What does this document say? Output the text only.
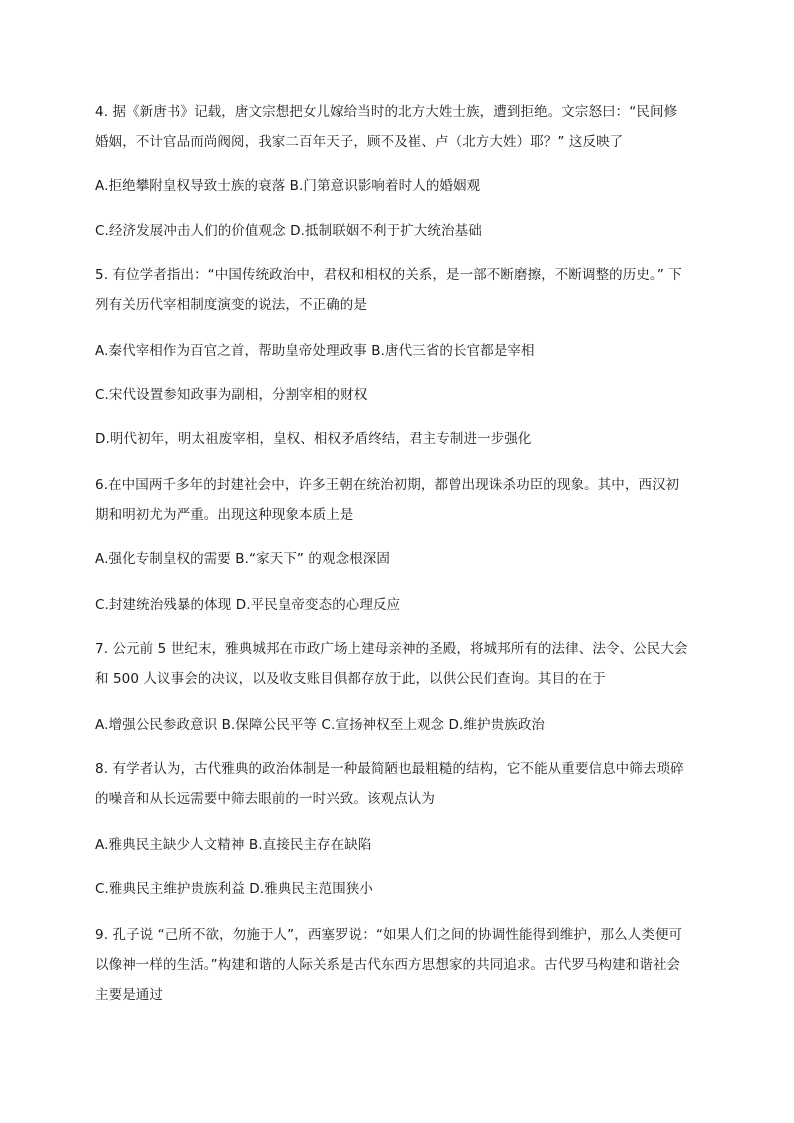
4. 据《新唐书》记载，唐文宗想把女儿嫁给当时的北方大姓士族，遭到拒绝。文宗怒曰：“民间修
婚姻，不计官品而尚阀阅，我家二百年天子，顾不及崔、卢（北方大姓）耶？” 这反映了
A.拒绝攀附皇权导致士族的衰落 B.门第意识影响着时人的婚姻观
C.经济发展冲击人们的价值观念 D.抵制联姻不利于扩大统治基础
5. 有位学者指出：“中国传统政治中，君权和相权的关系，是一部不断磨擦，不断调整的历史。” 下
列有关历代宰相制度演变的说法，不正确的是
A.秦代宰相作为百官之首，帮助皇帝处理政事 B.唐代三省的长官都是宰相
C.宋代设置参知政事为副相，分割宰相的财权
D.明代初年，明太祖废宰相，皇权、相权矛盾终结，君主专制进一步强化
6.在中国两千多年的封建社会中，许多王朝在统治初期，都曾出现诛杀功臣的现象。其中，西汉初
期和明初尤为严重。出现这种现象本质上是
A.强化专制皇权的需要 B.“家天下” 的观念根深固
C.封建统治残暴的体现 D.平民皇帝变态的心理反应
7. 公元前 5 世纪末，雅典城邦在市政广场上建母亲神的圣殿，将城邦所有的法律、法令、公民大会
和 500 人议事会的决议，以及收支账目俱都存放于此，以供公民们查询。其目的在于
A.增强公民参政意识 B.保障公民平等 C.宣扬神权至上观念 D.维护贵族政治
8. 有学者认为，古代雅典的政治体制是一种最简陋也最粗糙的结构，它不能从重要信息中筛去琐碎
的噪音和从长远需要中筛去眼前的一时兴致。该观点认为
A.雅典民主缺少人文精神 B.直接民主存在缺陷
C.雅典民主维护贵族利益 D.雅典民主范围狭小
9. 孔子说 “己所不欲，勿施于人”，西塞罗说：“如果人们之间的协调性能得到维护，那么人类便可
以像神一样的生活。”构建和谐的人际关系是古代东西方思想家的共同追求。古代罗马构建和谐社会
主要是通过
